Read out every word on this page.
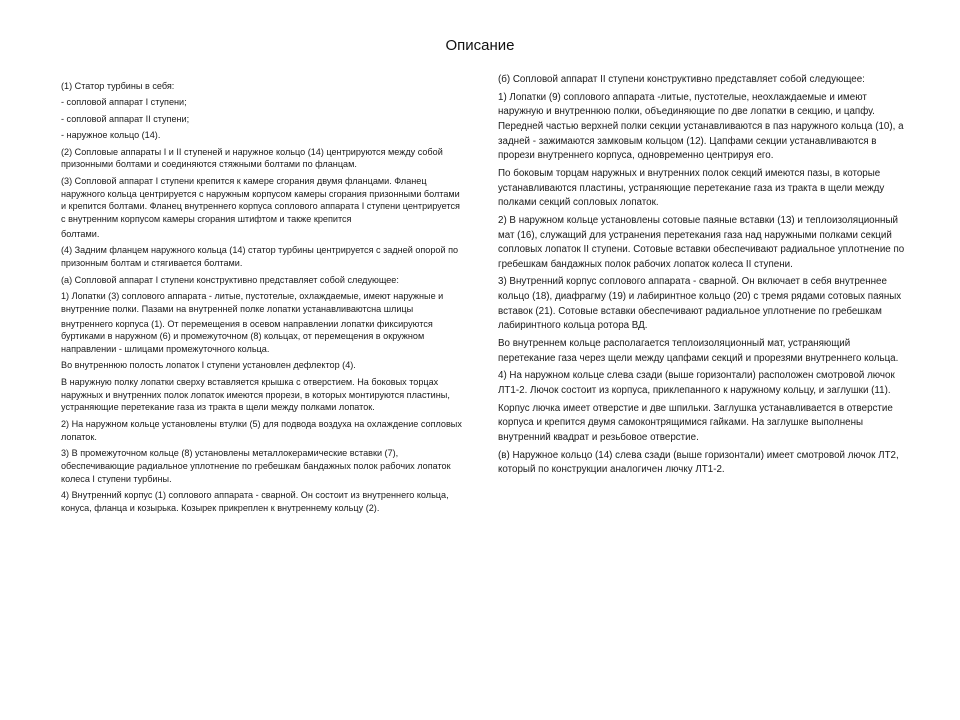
Описание

(1) Статор турбины в себя:

- сопловой аппарат I ступени;

- сопловой аппарат II ступени;

- наружное кольцо (14).

(2) Сопловые аппараты I и II ступеней и наружное кольцо (14) центрируются между собой призонными болтами и соединяются стяжными болтами по фланцам.

(3) Сопловой аппарат I ступени крепится к камере сгорания двумя фланцами. Фланец наружного кольца центрируется с наружным корпусом камеры сгорания призонными болтами и крепится болтами. Фланец внутреннего корпуса соплового аппарата I ступени центрируется с внутренним корпусом камеры сгорания штифтом и также крепится

болтами.

(4) Задним фланцем наружного кольца (14) статор турбины центрируется с задней опорой по призонным болтам и стягивается болтами.

(а) Сопловой аппарат I ступени конструктивно представляет собой следующее:

1) Лопатки (3) соплового аппарата - литые, пустотелые, охлаждаемые, имеют наружные и внутренние полки. Пазами на внутренней полке лопатки устанавливаютсна шлицы

внутреннего корпуса (1). От перемещения в осевом направлении лопатки фиксируются буртиками в наружном (6) и промежуточном (8) кольцах, от перемещения в окружном направлении - шлицами промежуточного кольца.

Во внутреннюю полость лопаток I ступени установлен дефлектор (4).

В наружную полку лопатки сверху вставляется крышка с отверстием. На боковых торцах наружных и внутренних полок лопаток имеются прорези, в которых монтируются пластины, устраняющие перетекание газа из тракта в щели между полками лопаток.

2) На наружном кольце установлены втулки (5) для подвода воздуха на охлаждение сопловых лопаток.

3) В промежуточном кольце (8) установлены металлокерамические вставки (7), обеспечивающие радиальное уплотнение по гребешкам бандажных полок рабочих лопаток колеса I ступени турбины.

4) Внутренний корпус (1) соплового аппарата - сварной. Он состоит из внутреннего кольца, конуса, фланца и козырька. Козырек прикреплен к внутреннему кольцу (2).

(б) Сопловой аппарат II ступени конструктивно представляет собой следующее:

1) Лопатки (9) соплового аппарата -литые, пустотелые, неохлаждаемые и имеют наружную и внутреннюю полки, объединяющие по две лопатки в секцию, и цапфу. Передней частью верхней полки секции устанавливаются в паз наружного кольца (10), а задней - зажимаются замковым кольцом (12). Цапфами секции устанавливаются в прорези внутреннего корпуса, одновременно центрируя его.

По боковым торцам наружных и внутренних полок секций имеются пазы, в которые устанавливаются пластины, устраняющие перетекание газа из тракта в щели между полками секций сопловых лопаток.

2) В наружном кольце установлены сотовые паяные вставки (13) и теплоизоляционный мат (16), служащий для устранения перетекания газа над наружными полками секций сопловых лопаток II ступени. Сотовые вставки обеспечивают радиальное уплотнение по гребешкам бандажных полок рабочих лопаток колеса II ступени.

3) Внутренний корпус соплового аппарата - сварной. Он включает в себя внутреннее кольцо (18), диафрагму (19) и лабиринтное кольцо (20) с тремя рядами сотовых паяных вставок (21). Сотовые вставки обеспечивают радиальное уплотнение по гребешкам лабиринтного кольца ротора ВД.

Во внутреннем кольце располагается теплоизоляционный мат, устраняющий перетекание газа через щели между цапфами секций и прорезями внутреннего кольца.

4) На наружном кольце слева сзади (выше горизонтали) расположен смотровой лючок ЛТ1-2. Лючок состоит из корпуса, приклепанного к наружному кольцу, и заглушки (11).

Корпус лючка имеет отверстие и две шпильки. Заглушка устанавливается в отверстие корпуса и крепится двумя самоконтрящимися гайками. На заглушке выполнены внутренний квадрат и резьбовое отверстие.

(в) Наружное кольцо (14) слева сзади (выше горизонтали) имеет смотровой лючок ЛТ2,

который по конструкции аналогичен лючку ЛТ1-2.
